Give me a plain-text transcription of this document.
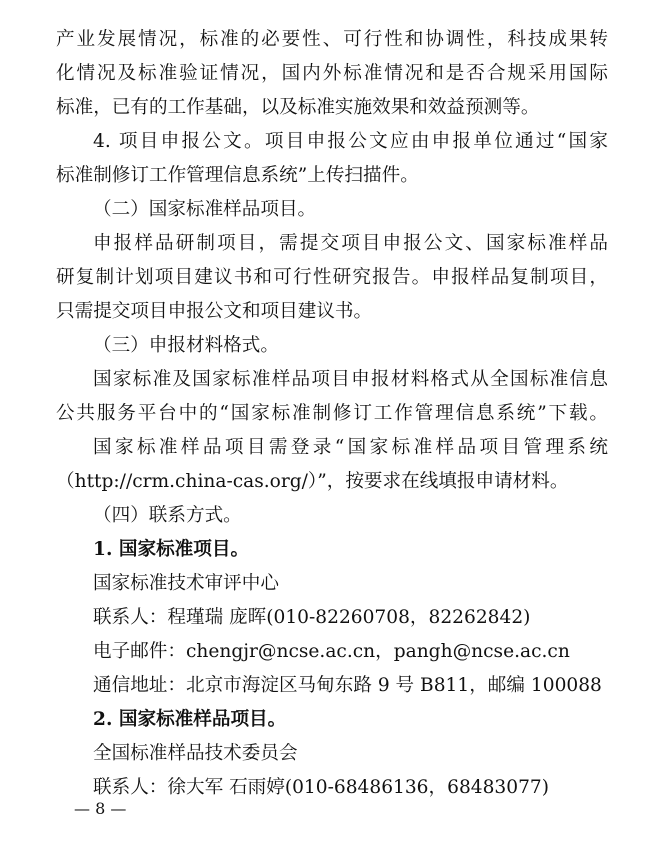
产业发展情况，标准的必要性、可行性和协调性，科技成果转
化情况及标准验证情况，国内外标准情况和是否合规采用国际
标准，已有的工作基础，以及标准实施效果和效益预测等。
4. 项目申报公文。项目申报公文应由申报单位通过“国家
标准制修订工作管理信息系统”上传扫描件。
（二）国家标准样品项目。
申报样品研制项目，需提交项目申报公文、国家标准样品
研复制计划项目建议书和可行性研究报告。申报样品复制项目，
只需提交项目申报公文和项目建议书。
（三）申报材料格式。
国家标准及国家标准样品项目申报材料格式从全国标准信息
公共服务平台中的“国家标准制修订工作管理信息系统”下载。
国家标准样品项目需登录“国家标准样品项目管理系统
（http://crm.china-cas.org/）”，按要求在线填报申请材料。
（四）联系方式。
1. 国家标准项目。
国家标准技术审评中心
联系人：程瑾瑞 庞晖(010-82260708，82262842)
电子邮件：chengjr@ncse.ac.cn，pangh@ncse.ac.cn
通信地址：北京市海淀区马甸东路 9 号 B811，邮编 100088
2. 国家标准样品项目。
全国标准样品技术委员会
联系人：徐大军 石雨婷(010-68486136，68483077)
— 8 —
